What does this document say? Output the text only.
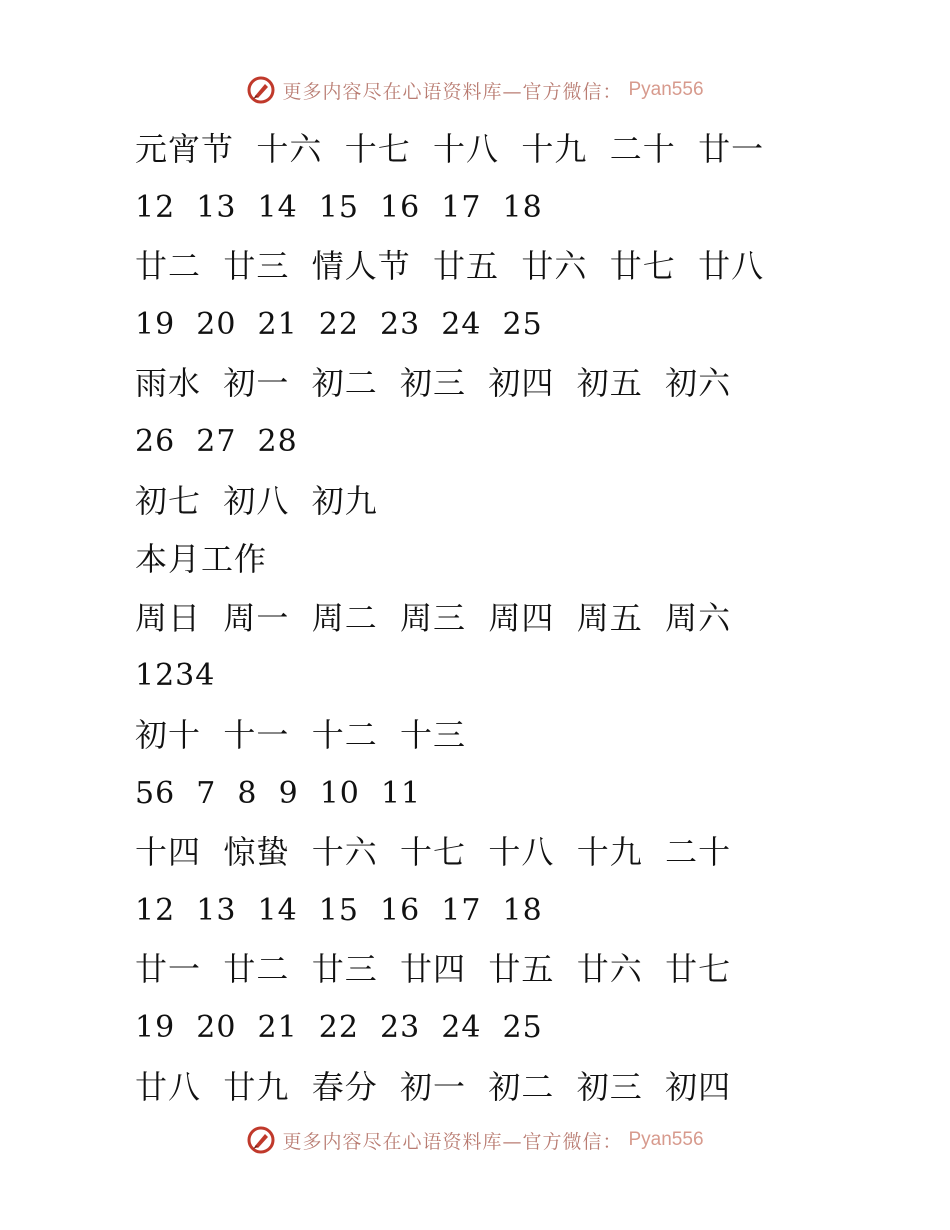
更多内容尽在心语资料库—官方微信： Pyan556
元宵节  十六  十七  十八  十九  二十  廿一
12  13  14  15  16  17  18
廿二  廿三  情人节  廿五  廿六  廿七  廿八
19  20  21  22  23  24  25
雨水  初一  初二  初三  初四  初五  初六
26  27  28
初七  初八  初九
本月工作
周日  周一  周二  周三  周四  周五  周六
1234
初十  十一  十二  十三
56  7  8  9  10  11
十四  惊蛰  十六  十七  十八  十九  二十
12  13  14  15  16  17  18
廿一  廿二  廿三  廿四  廿五  廿六  廿七
19  20  21  22  23  24  25
廿八  廿九  春分  初一  初二  初三  初四
更多内容尽在心语资料库—官方微信： Pyan556
